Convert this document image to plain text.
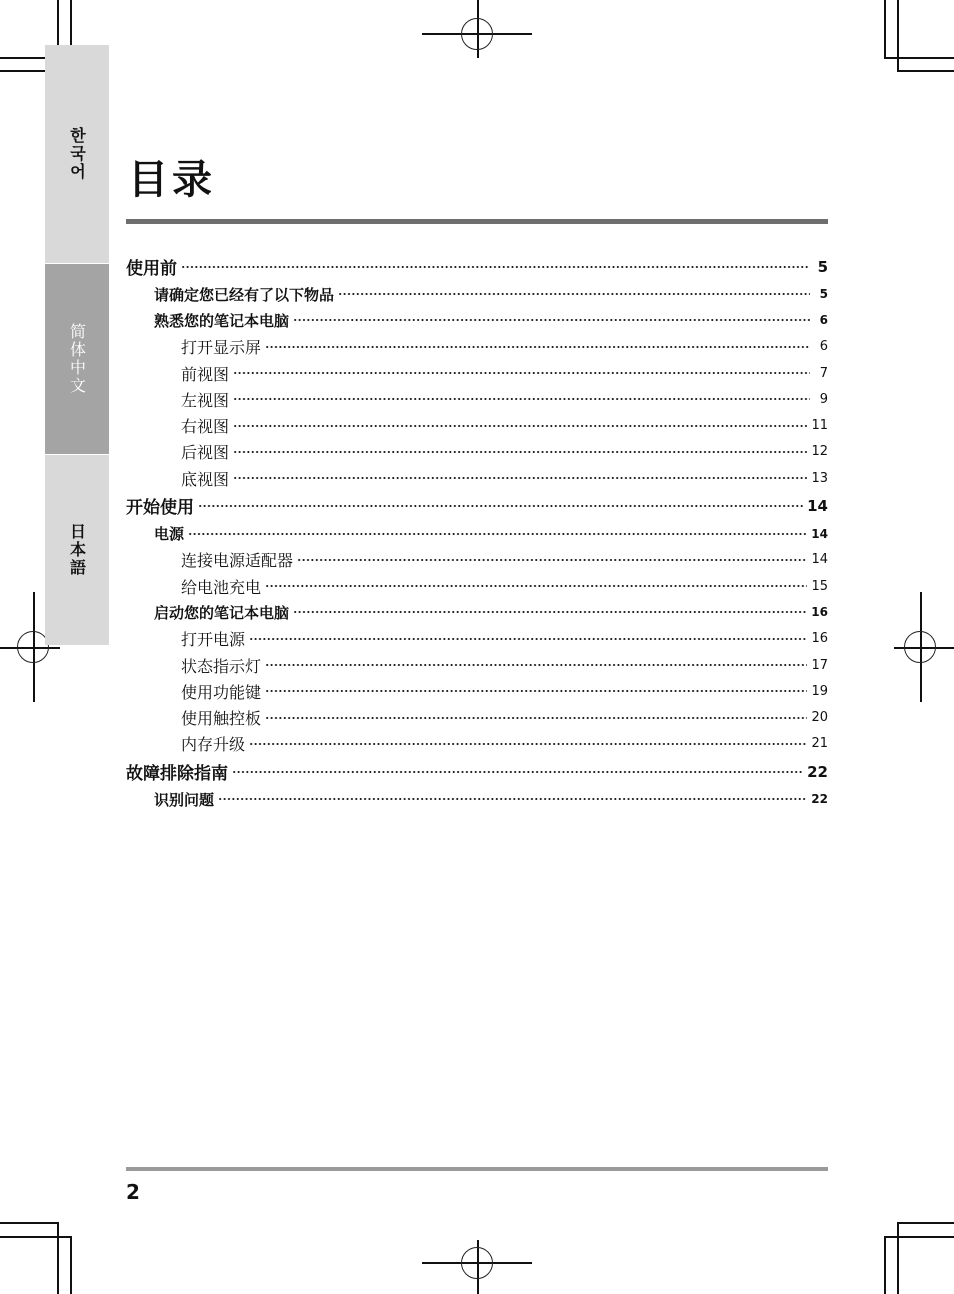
한국어
简体中文
日本語
目录
使用前	5
请确定您已经有了以下物品	5
熟悉您的笔记本电脑	6
打开显示屏	6
前视图	7
左视图	9
右视图	11
后视图	12
底视图	13
开始使用	14
电源	14
连接电源适配器	14
给电池充电	15
启动您的笔记本电脑	16
打开电源	16
状态指示灯	17
使用功能键	19
使用触控板	20
内存升级	21
故障排除指南	22
识别问题	22
2
